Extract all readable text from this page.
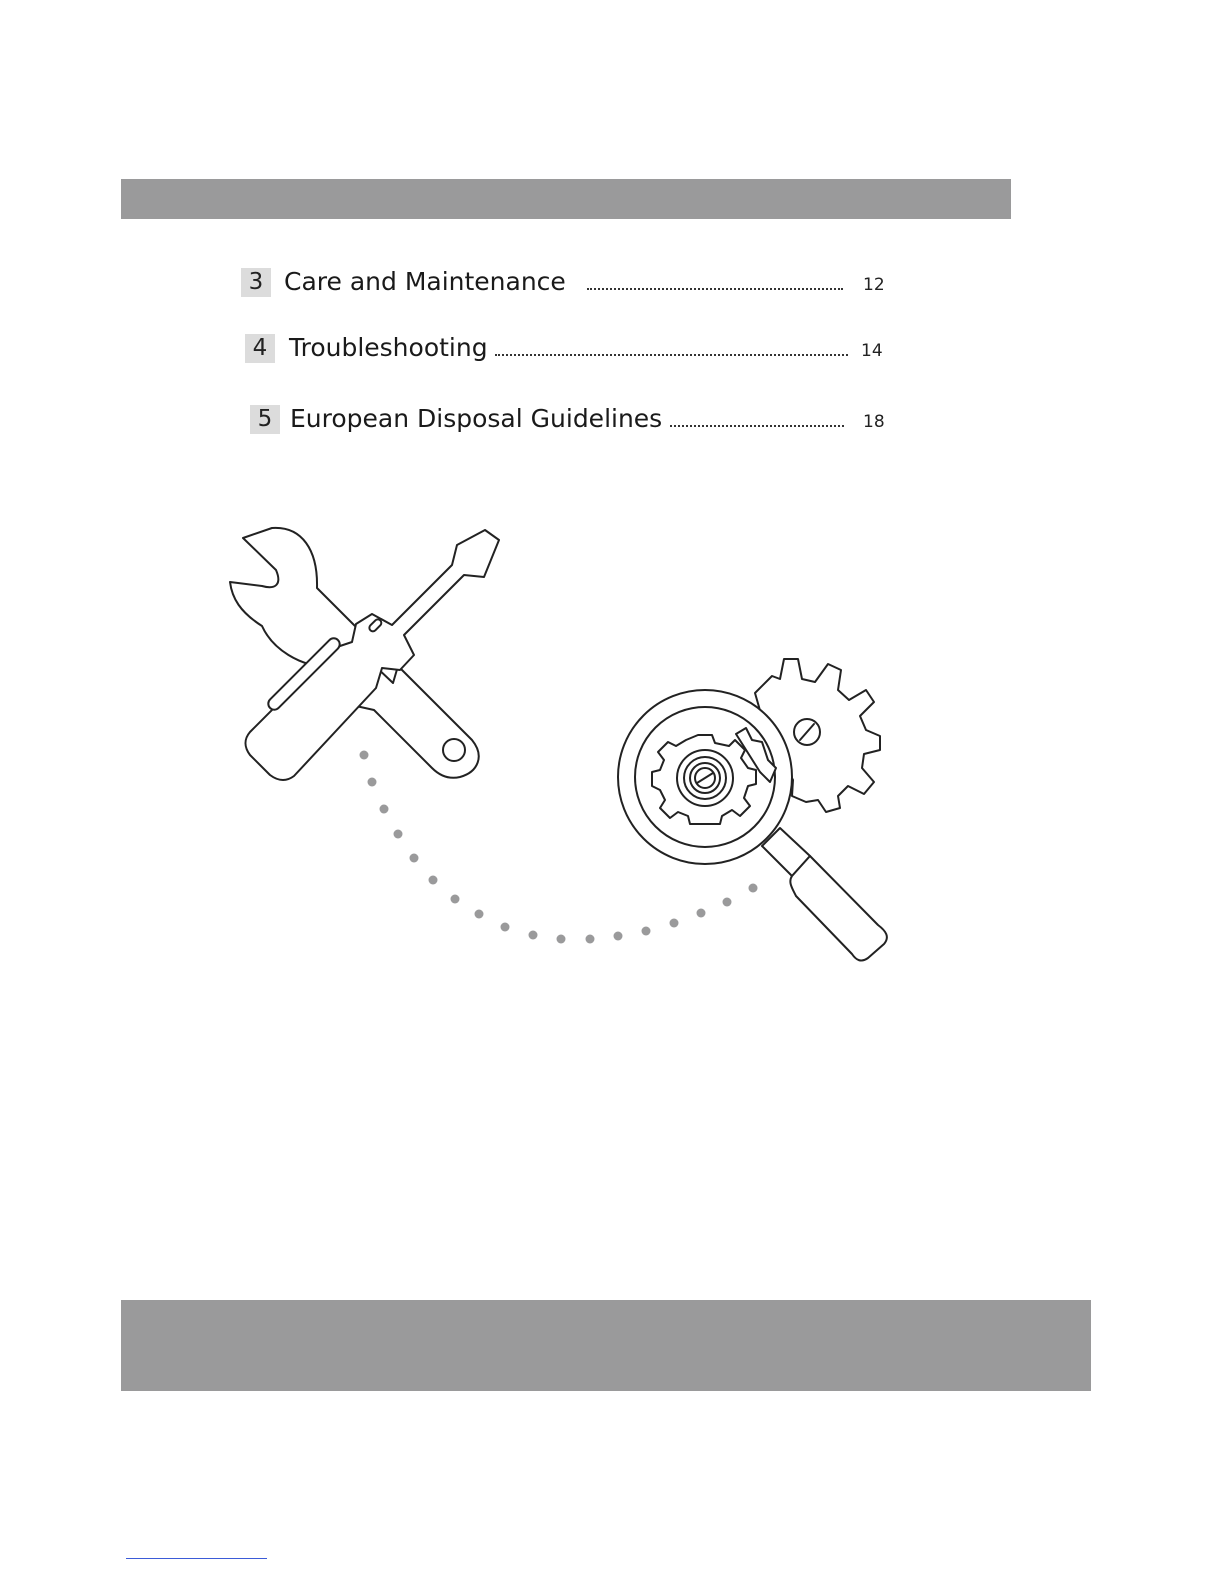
3 Care and Maintenance	12
4 Troubleshooting	14
5 European Disposal Guidelines	18
